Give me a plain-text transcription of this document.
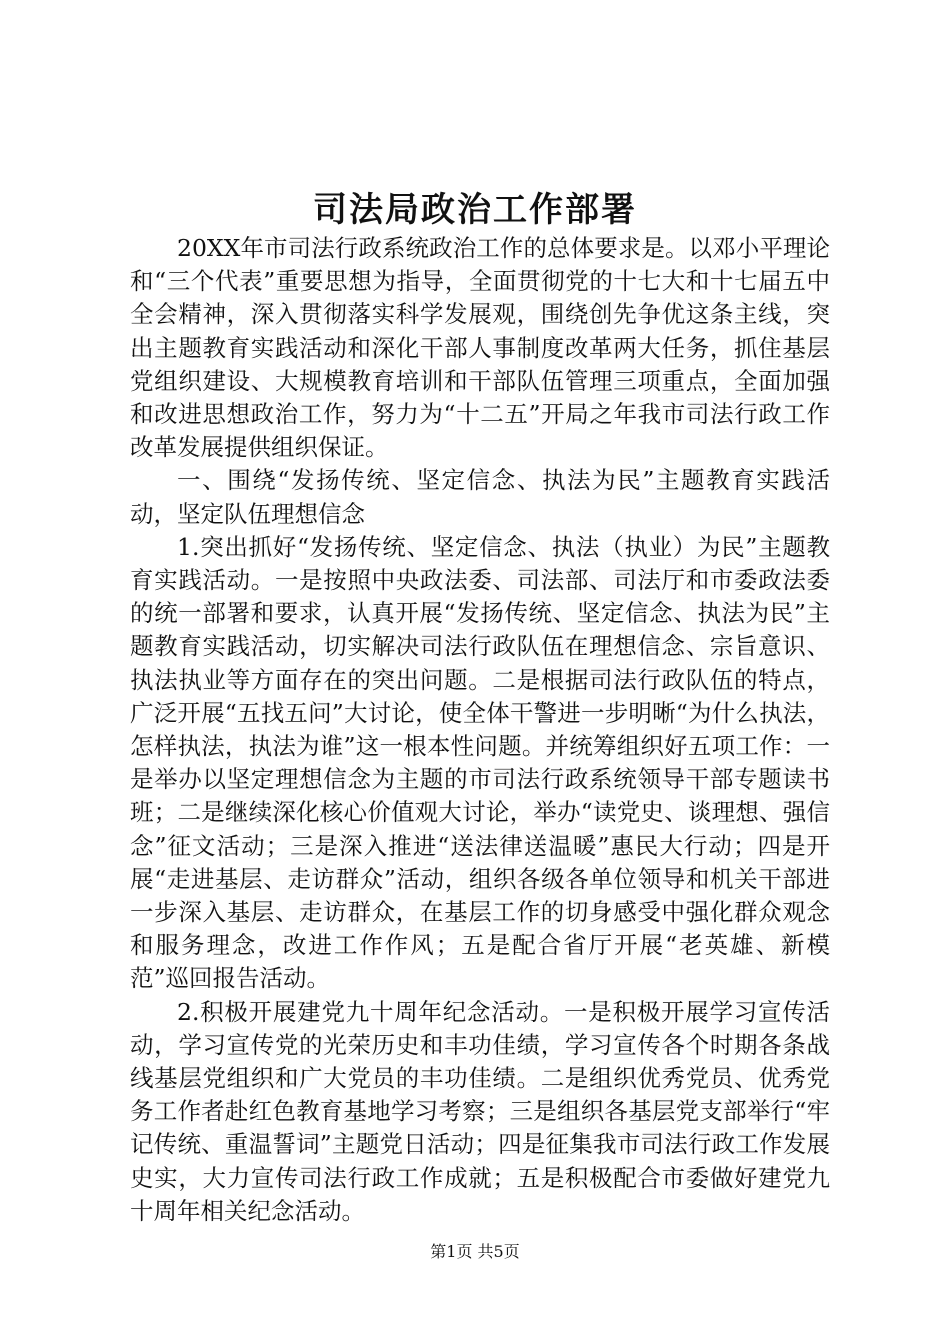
司法局政治工作部署

20XX年市司法行政系统政治工作的总体要求是。以邓小平理论和“三个代表”重要思想为指导，全面贯彻党的十七大和十七届五中全会精神，深入贯彻落实科学发展观，围绕创先争优这条主线，突出主题教育实践活动和深化干部人事制度改革两大任务，抓住基层党组织建设、大规模教育培训和干部队伍管理三项重点，全面加强和改进思想政治工作，努力为“十二五”开局之年我市司法行政工作改革发展提供组织保证。

一、围绕“发扬传统、坚定信念、执法为民”主题教育实践活动，坚定队伍理想信念

1.突出抓好“发扬传统、坚定信念、执法（执业）为民”主题教育实践活动。一是按照中央政法委、司法部、司法厅和市委政法委的统一部署和要求，认真开展“发扬传统、坚定信念、执法为民”主题教育实践活动，切实解决司法行政队伍在理想信念、宗旨意识、执法执业等方面存在的突出问题。二是根据司法行政队伍的特点，广泛开展“五找五问”大讨论，使全体干警进一步明晰“为什么执法，怎样执法，执法为谁”这一根本性问题。并统筹组织好五项工作：一是举办以坚定理想信念为主题的市司法行政系统领导干部专题读书班；二是继续深化核心价值观大讨论，举办“读党史、谈理想、强信念”征文活动；三是深入推进“送法律送温暖”惠民大行动；四是开展“走进基层、走访群众”活动，组织各级各单位领导和机关干部进一步深入基层、走访群众，在基层工作的切身感受中强化群众观念和服务理念，改进工作作风；五是配合省厅开展“老英雄、新模范”巡回报告活动。

2.积极开展建党九十周年纪念活动。一是积极开展学习宣传活动，学习宣传党的光荣历史和丰功佳绩，学习宣传各个时期各条战线基层党组织和广大党员的丰功佳绩。二是组织优秀党员、优秀党务工作者赴红色教育基地学习考察；三是组织各基层党支部举行“牢记传统、重温誓词”主题党日活动；四是征集我市司法行政工作发展史实，大力宣传司法行政工作成就；五是积极配合市委做好建党九十周年相关纪念活动。

第1页 共5页
